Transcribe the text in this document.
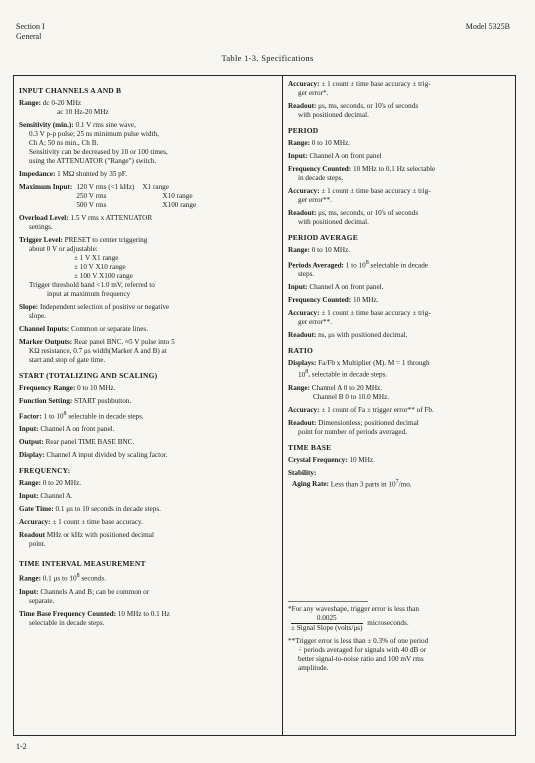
Section I
General
Model 5325B
Table 1-3. Specifications
INPUT CHANNELS A AND B
Range: dc 0-20 MHz
ac 10 Hz-20 MHz
Sensitivity (min.): 0.1 V rms sine wave,
0.3 V p-p pulse; 25 ns minimum pulse width,
Ch A; 50 ns min., Ch B.
Sensitivity can be decreased by 10 or 100 times,
using the ATTENUATOR ("Range") switch.
Impedance: 1 MΩ shunted by 35 pF.
Maximum Input:	120 V rms (<1 kHz)	X1 range
	250 V rms	X10 range
	500 V rms	X100 range
Overload Level: 1.5 V rms x ATTENUATOR
settings.
Trigger Level: PRESET to center triggering
about 0 V or adjustable:
± 1 V X1 range
± 10 V X10 range
± 100 V X100 range
Trigger threshold band <1.0 mV, referred to
input at maximum frequency
Slope: Independent selection of positive or negative
slope.
Channel Inputs: Common or separate lines.
Marker Outputs: Rear panel BNC. ≈5 V pulse into 5
KΩ resistance, 0.7 μs width(Marker A and B) at
start and stop of gate time.
START (TOTALIZING AND SCALING)
Frequency Range: 0 to 10 MHz.
Function Setting: START pushbutton.
Factor: 1 to $10^8$ selectable in decade steps.
Input: Channel A on front panel.
Output: Rear panel TIME BASE BNC.
Display: Channel A input divided by scaling factor.
FREQUENCY:
Range: 0 to 20 MHz.
Input: Channel A.
Gate Time: 0.1 μs to 10 seconds in decade steps.
Accuracy: ± 1 count ± time base accuracy.
Readout MHz or kHz with positioned decimal
point.
TIME INTERVAL MEASUREMENT
Range: 0.1 μs to $10^8$ seconds.
Input: Channels A and B; can be common or
separate.
Time Base Frequency Counted: 10 MHz to 0.1 Hz
selectable in decade steps.
Accuracy: ± 1 count ± time base accuracy ± trig-
ger error*.
Readout: μs, ms, seconds, or 10's of seconds
with positioned decimal.
PERIOD
Range: 0 to 10 MHz.
Input: Channel A on front panel
Frequency Counted: 10 MHz to 0.1 Hz selectable
in decade steps.
Accuracy: ± 1 count ± time base accuracy ± trig-
ger error**.
Readout: μs, ms, seconds, or 10's of seconds
with positioned decimal.
PERIOD AVERAGE
Range: 0 to 10 MHz.
Periods Averaged: 1 to $10^8$ selectable in decade
steps.
Input: Channel A on front panel.
Frequency Counted: 10 MHz.
Accuracy: ± 1 count ± time base accuracy ± trig-
ger error**.
Readout: ns, μs with positioned decimal.
RATIO
Displays: Fa/Fb x Multiplier (M). M = 1 through
$10^8$, selectable in decade steps.
Range: Channel A 0 to 20 MHz.
Channel B 0 to 10.0 MHz.
Accuracy: ± 1 count of Fa ± trigger error** of Fb.
Readout: Dimensionless; positioned decimal
point for number of periods averaged.
TIME BASE
Crystal Frequency: 10 MHz.
Stability:
Aging Rate: Less than 3 parts in $10^7/mo$.
*For any waveshape, trigger error is less than

$\frac{0.0025}{\text{± Signal Slope (volts/μs)}}$ microseconds.
**Trigger error is less than ± 0.3% of one period
÷ periods averaged for signals with 40 dB or
better signal-to-noise ratio and 100 mV rms
amplitude.
1-2
